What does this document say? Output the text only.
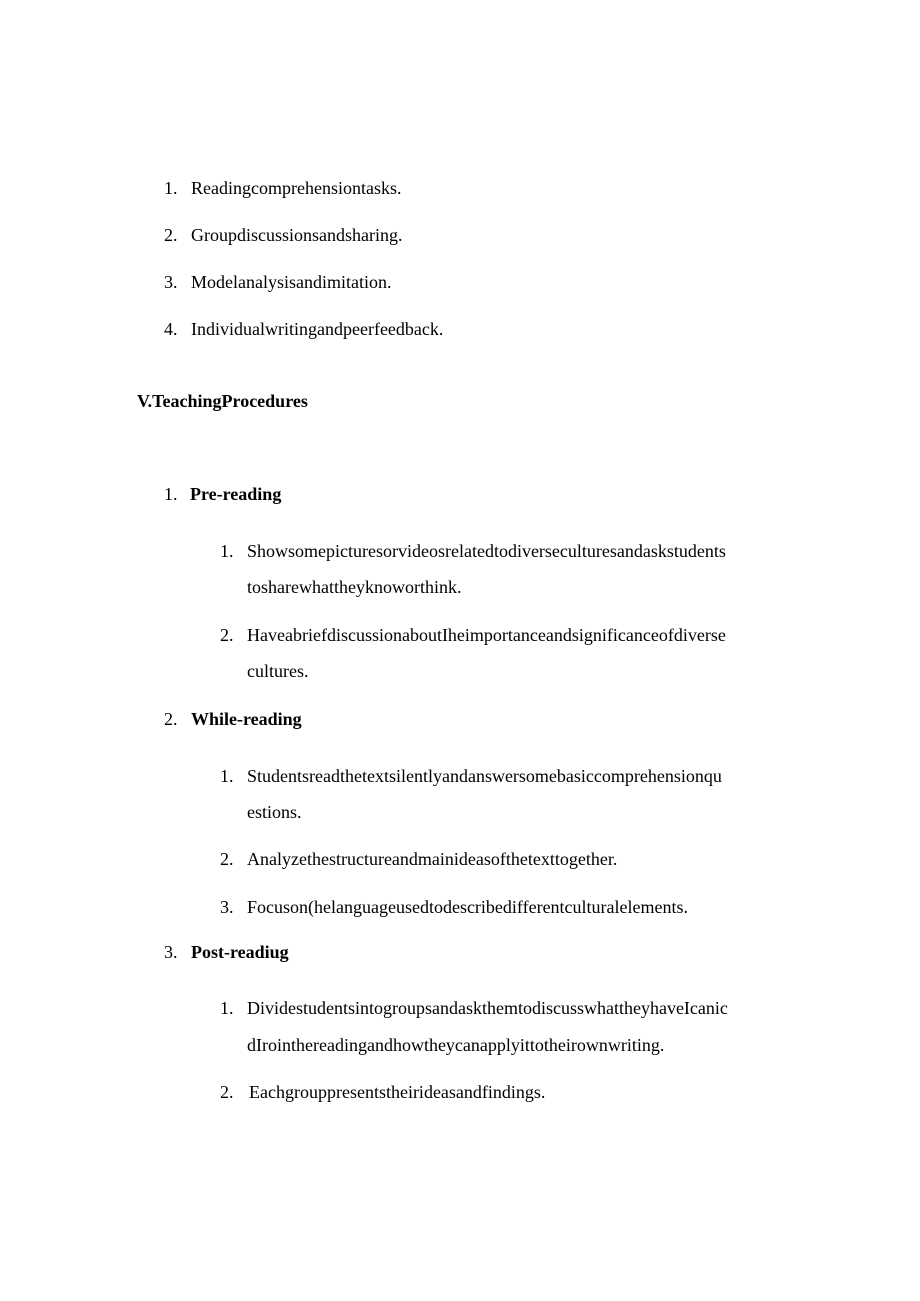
1. Readingcomprehensiontasks.
2. Groupdiscussionsandsharing.
3. Modelanalysisandimitation.
4. Individualwritingandpeerfeedback.
V.TeachingProcedures
1. Pre-reading
1. Showsomepicturesorvideosrelatedtodiverseculturesandaskstudents
tosharewhattheyknoworthink.
2. HaveabriefdiscussionaboutIheimportanceandsignificanceofdiverse
cultures.
2. While-reading
1. Studentsreadthetextsilentlyandanswersomebasiccomprehensionqu
estions.
2. Analyzethestructureandmainideasofthetexttogether.
3. Focuson(helanguageusedtodescribedifferentculturalelements.
3. Post-readiug
1. DividestudentsintogroupsandaskthemtodiscusswhattheyhaveIcanic
dIrointhereadingandhowtheycanapplyittotheirownwriting.
2. Eachgrouppresentstheirideasandfindings.
